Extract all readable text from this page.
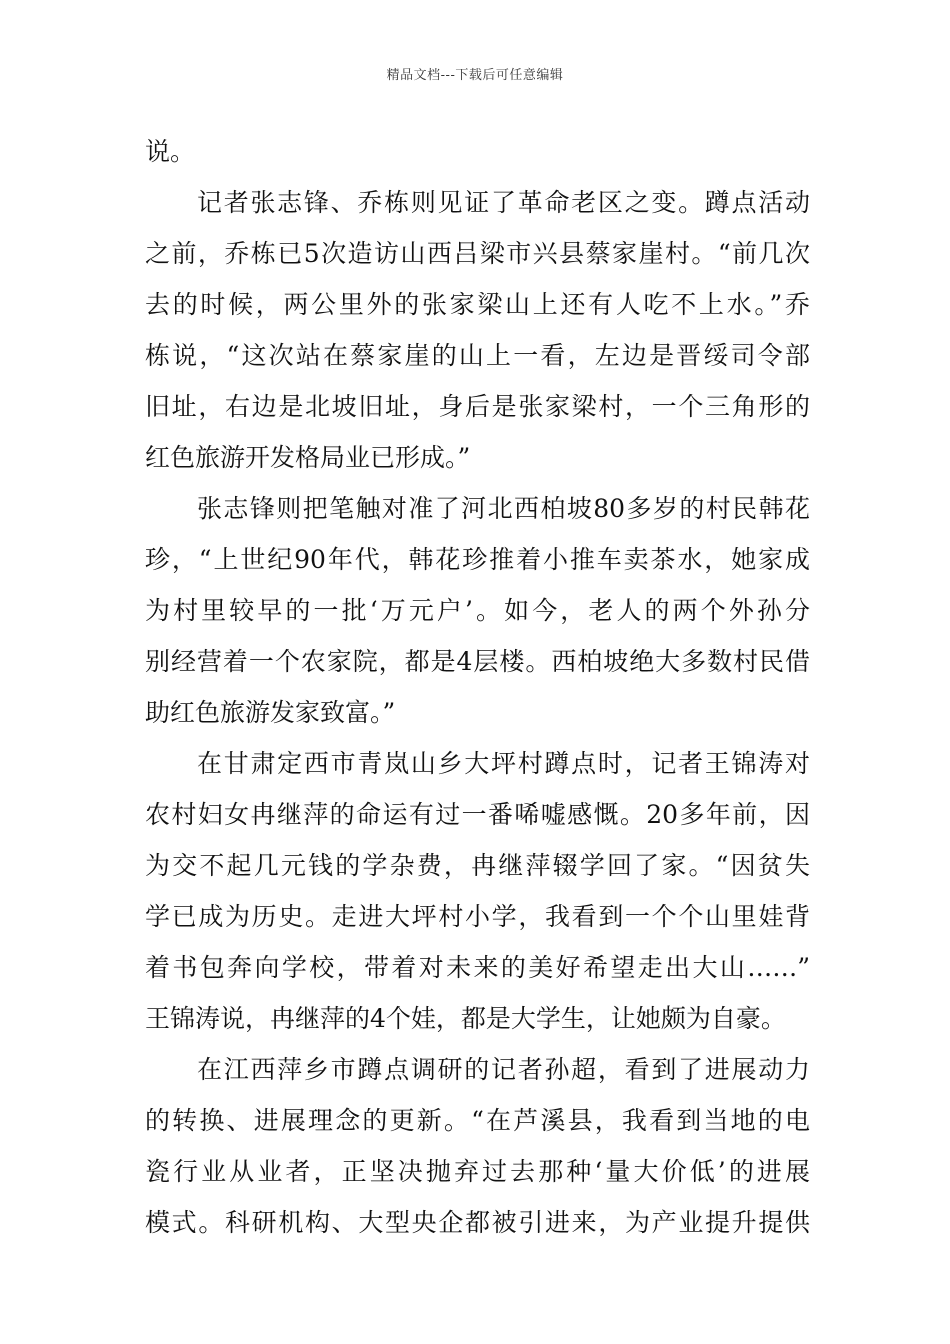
精品文档---下载后可任意编辑
说。
记者张志锋、乔栋则见证了革命老区之变。蹲点活动
之前，乔栋已5次造访山西吕梁市兴县蔡家崖村。“前几次
去的时候，两公里外的张家梁山上还有人吃不上水。”乔
栋说，“这次站在蔡家崖的山上一看，左边是晋绥司令部
旧址，右边是北坡旧址，身后是张家梁村，一个三角形的
红色旅游开发格局业已形成。”
张志锋则把笔触对准了河北西柏坡80多岁的村民韩花
珍，“上世纪90年代，韩花珍推着小推车卖茶水，她家成
为村里较早的一批‘万元户’。如今，老人的两个外孙分
别经营着一个农家院，都是4层楼。西柏坡绝大多数村民借
助红色旅游发家致富。”
在甘肃定西市青岚山乡大坪村蹲点时，记者王锦涛对
农村妇女冉继萍的命运有过一番唏嘘感慨。20多年前，因
为交不起几元钱的学杂费，冉继萍辍学回了家。“因贫失
学已成为历史。走进大坪村小学，我看到一个个山里娃背
着书包奔向学校，带着对未来的美好希望走出大山……”
王锦涛说，冉继萍的4个娃，都是大学生，让她颇为自豪。
在江西萍乡市蹲点调研的记者孙超，看到了进展动力
的转换、进展理念的更新。“在芦溪县，我看到当地的电
瓷行业从业者，正坚决抛弃过去那种‘量大价低’的进展
模式。科研机构、大型央企都被引进来，为产业提升提供
